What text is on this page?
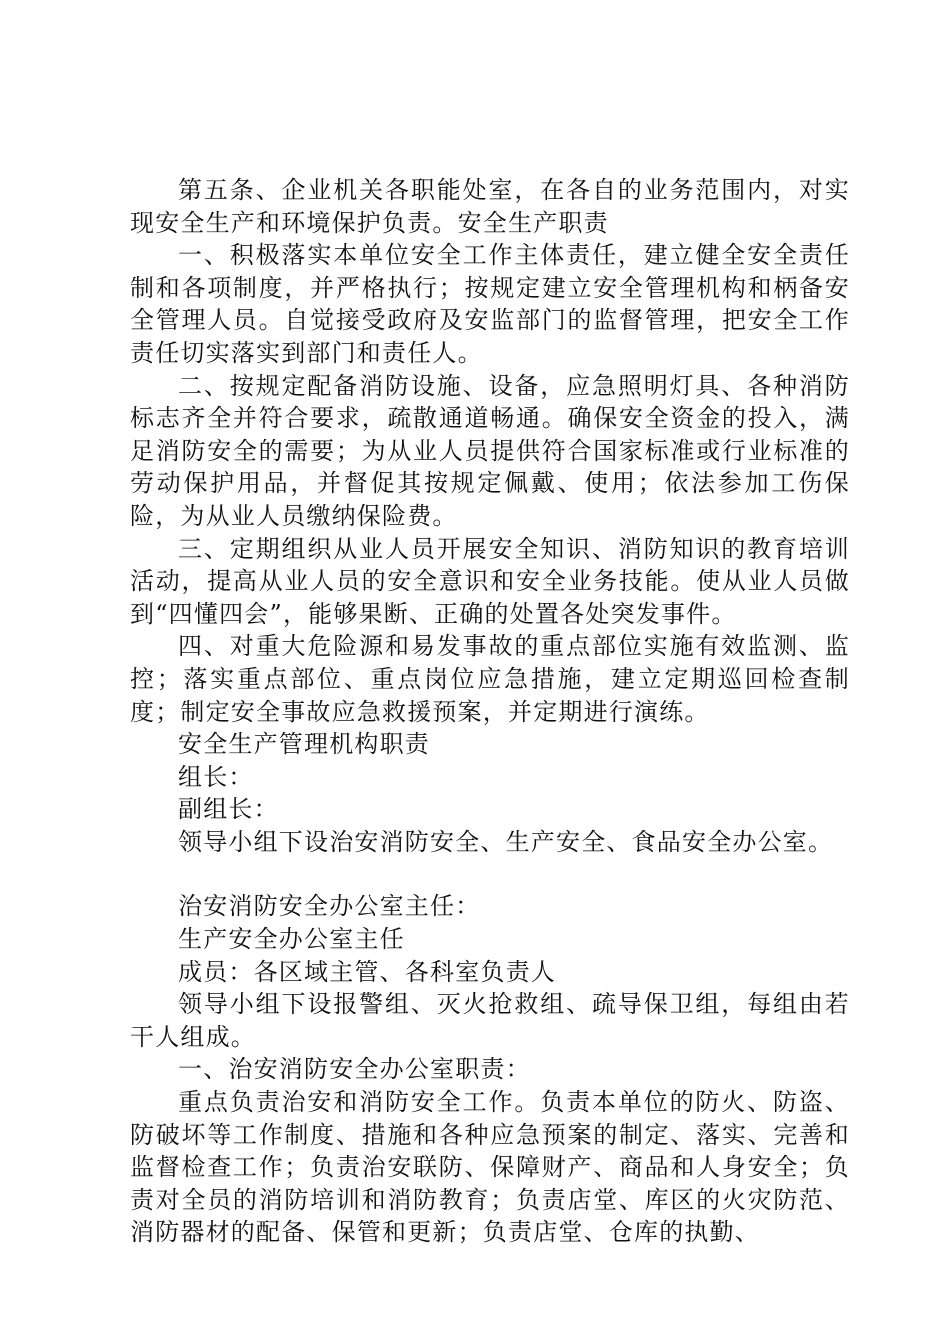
第五条、企业机关各职能处室，在各自的业务范围内，对实现安全生产和环境保护负责。安全生产职责

一、积极落实本单位安全工作主体责任，建立健全安全责任制和各项制度，并严格执行；按规定建立安全管理机构和柄备安全管理人员。自觉接受政府及安监部门的监督管理，把安全工作责任切实落实到部门和责任人。

二、按规定配备消防设施、设备，应急照明灯具、各种消防标志齐全并符合要求，疏散通道畅通。确保安全资金的投入，满足消防安全的需要；为从业人员提供符合国家标准或行业标准的劳动保护用品，并督促其按规定佩戴、使用；依法参加工伤保险，为从业人员缴纳保险费。

三、定期组织从业人员开展安全知识、消防知识的教育培训活动，提高从业人员的安全意识和安全业务技能。使从业人员做到“四懂四会”，能够果断、正确的处置各处突发事件。

四、对重大危险源和易发事故的重点部位实施有效监测、监控；落实重点部位、重点岗位应急措施，建立定期巡回检查制度；制定安全事故应急救援预案，并定期进行演练。

安全生产管理机构职责

组长：

副组长：

领导小组下设治安消防安全、生产安全、食品安全办公室。

治安消防安全办公室主任：

生产安全办公室主任

成员：各区域主管、各科室负责人

领导小组下设报警组、灭火抢救组、疏导保卫组，每组由若干人组成。

一、治安消防安全办公室职责：

重点负责治安和消防安全工作。负责本单位的防火、防盗、防破坏等工作制度、措施和各种应急预案的制定、落实、完善和监督检查工作；负责治安联防、保障财产、商品和人身安全；负责对全员的消防培训和消防教育；负责店堂、库区的火灾防范、消防器材的配备、保管和更新；负责店堂、仓库的执勤、
